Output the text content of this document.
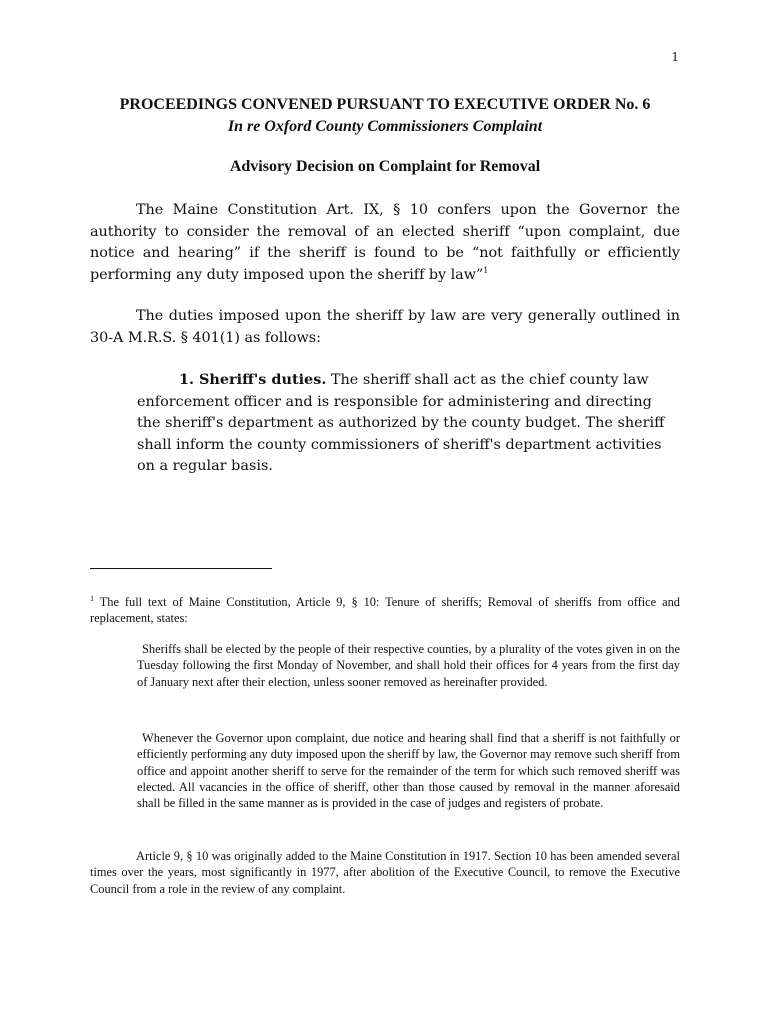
1
PROCEEDINGS CONVENED PURSUANT TO EXECUTIVE ORDER No. 6
In re Oxford County Commissioners Complaint
Advisory Decision on Complaint for Removal
The Maine Constitution Art. IX, § 10 confers upon the Governor the authority to consider the removal of an elected sheriff “upon complaint, due notice and hearing” if the sheriff is found to be “not faithfully or efficiently performing any duty imposed upon the sheriff by law”$^1$
The duties imposed upon the sheriff by law are very generally outlined in 30-A M.R.S. § 401(1) as follows:
1. Sheriff's duties. The sheriff shall act as the chief county law enforcement officer and is responsible for administering and directing the sheriff's department as authorized by the county budget. The sheriff shall inform the county commissioners of sheriff's department activities on a regular basis.
$^1$ The full text of Maine Constitution, Article 9, § 10: Tenure of sheriffs; Removal of sheriffs from office and replacement, states:
Sheriffs shall be elected by the people of their respective counties, by a plurality of the votes given in on the Tuesday following the first Monday of November, and shall hold their offices for 4 years from the first day of January next after their election, unless sooner removed as hereinafter provided.
Whenever the Governor upon complaint, due notice and hearing shall find that a sheriff is not faithfully or efficiently performing any duty imposed upon the sheriff by law, the Governor may remove such sheriff from office and appoint another sheriff to serve for the remainder of the term for which such removed sheriff was elected. All vacancies in the office of sheriff, other than those caused by removal in the manner aforesaid shall be filled in the same manner as is provided in the case of judges and registers of probate.
Article 9, § 10 was originally added to the Maine Constitution in 1917. Section 10 has been amended several times over the years, most significantly in 1977, after abolition of the Executive Council, to remove the Executive Council from a role in the review of any complaint.
